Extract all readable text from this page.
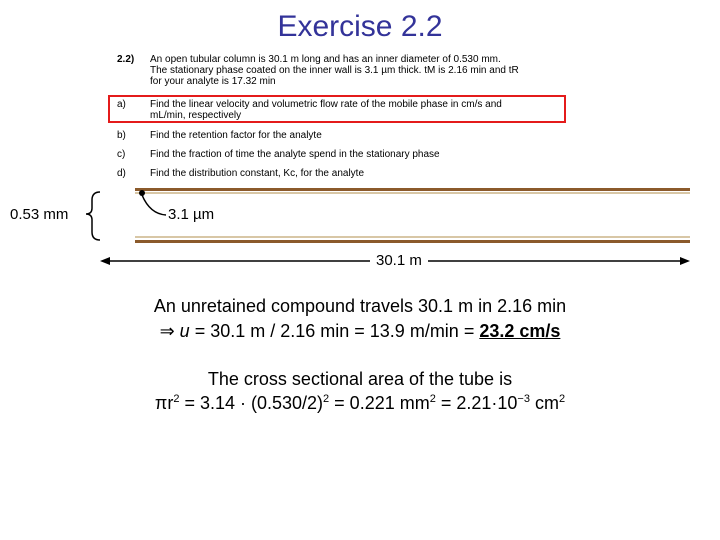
Exercise 2.2
2.2) An open tubular column is 30.1 m long and has an inner diameter of 0.530 mm.
The stationary phase coated on the inner wall is 3.1 µm thick. tM is 2.16 min and tR
for your analyte is 17.32 min
a) Find the linear velocity and volumetric flow rate of the mobile phase in cm/s and
mL/min, respectively
b) Find the retention factor for the analyte
c) Find the fraction of time the analyte spend in the stationary phase
d) Find the distribution constant, Kc, for the analyte
0.53 mm	3.1 µm
30.1 m
An unretained compound travels 30.1 m in 2.16 min
⇒ u = 30.1 m / 2.16 min = 13.9 m/min = 23.2 cm/s
The cross sectional area of the tube is
$\pi r^2 = 3.14 \cdot (0.530/2)^2 = 0.221$ $mm^2 = 2.21\cdot 10^{-3}$ $cm^2$
